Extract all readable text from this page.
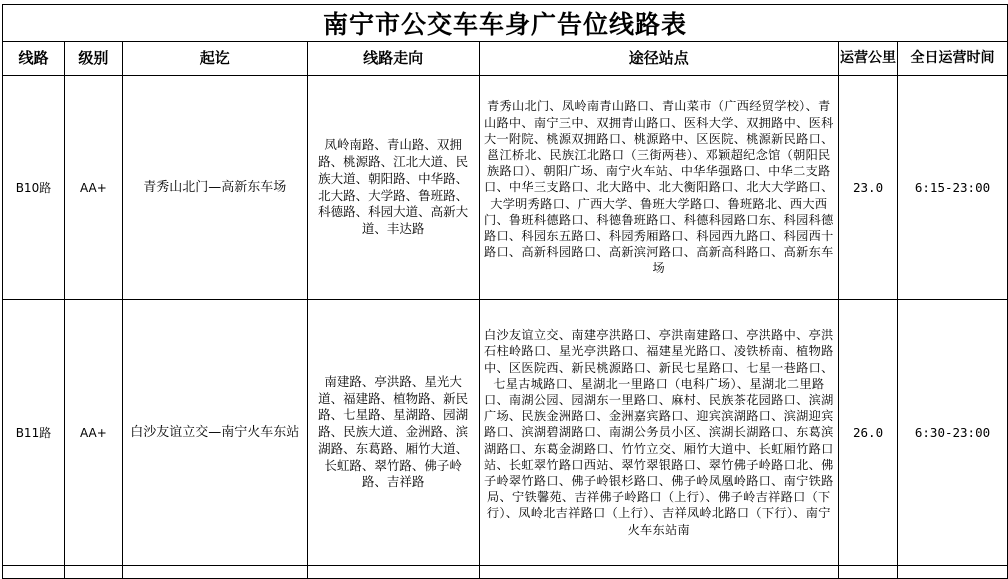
南宁市公交车车身广告位线路表						
线路	级别	起讫	线路走向	途径站点	运营公里	全日运营时间
B10路	AA+	青秀山北门—高新东车场	凤岭南路、青山路、双拥路、桃源路、江北大道、民族大道、朝阳路、中华路、北大路、大学路、鲁班路、科德路、科园大道、高新大道、丰达路	青秀山北门、凤岭南青山路口、青山菜市（广西经贸学校）、青山路中、南宁三中、双拥青山路口、医科大学、双拥路中、医科大一附院、桃源双拥路口、桃源路中、区医院、桃源新民路口、邕江桥北、民族江北路口（三街两巷）、邓颖超纪念馆（朝阳民族路口）、朝阳广场、南宁火车站、中华华强路口、中华二支路口、中华三支路口、北大路中、北大衡阳路口、北大大学路口、大学明秀路口、广西大学、鲁班大学路口、鲁班路北、西大西门、鲁班科德路口、科德鲁班路口、科德科园路口东、科园科德路口、科园东五路口、科园秀厢路口、科园西九路口、科园西十路口、高新科园路口、高新滨河路口、高新高科路口、高新东车场	23.0	6:15-23:00
B11路	AA+	白沙友谊立交—南宁火车东站	南建路、亭洪路、星光大道、福建路、植物路、新民路、七星路、星湖路、园湖路、民族大道、金洲路、滨湖路、东葛路、厢竹大道、长虹路、翠竹路、佛子岭路、吉祥路	白沙友谊立交、南建亭洪路口、亭洪南建路口、亭洪路中、亭洪石柱岭路口、星光亭洪路口、福建星光路口、凌铁桥南、植物路中、区医院西、新民桃源路口、新民七星路口、七星一巷路口、七星古城路口、星湖北一里路口（电科广场）、星湖北二里路口、南湖公园、园湖东一里路口、麻村、民族茶花园路口、滨湖广场、民族金洲路口、金洲嘉宾路口、迎宾滨湖路口、滨湖迎宾路口、滨湖碧湖路口、南湖公务员小区、滨湖长湖路口、东葛滨湖路口、东葛金湖路口、竹竹立交、厢竹大道中、长虹厢竹路口站、长虹翠竹路口西站、翠竹翠银路口、翠竹佛子岭路口北、佛子岭翠竹路口、佛子岭银杉路口、佛子岭凤凰岭路口、南宁铁路局、宁铁馨苑、吉祥佛子岭路口（上行）、佛子岭吉祥路口（下行）、凤岭北吉祥路口（上行）、吉祥凤岭北路口（下行）、南宁火车东站南	26.0	6:30-23:00
